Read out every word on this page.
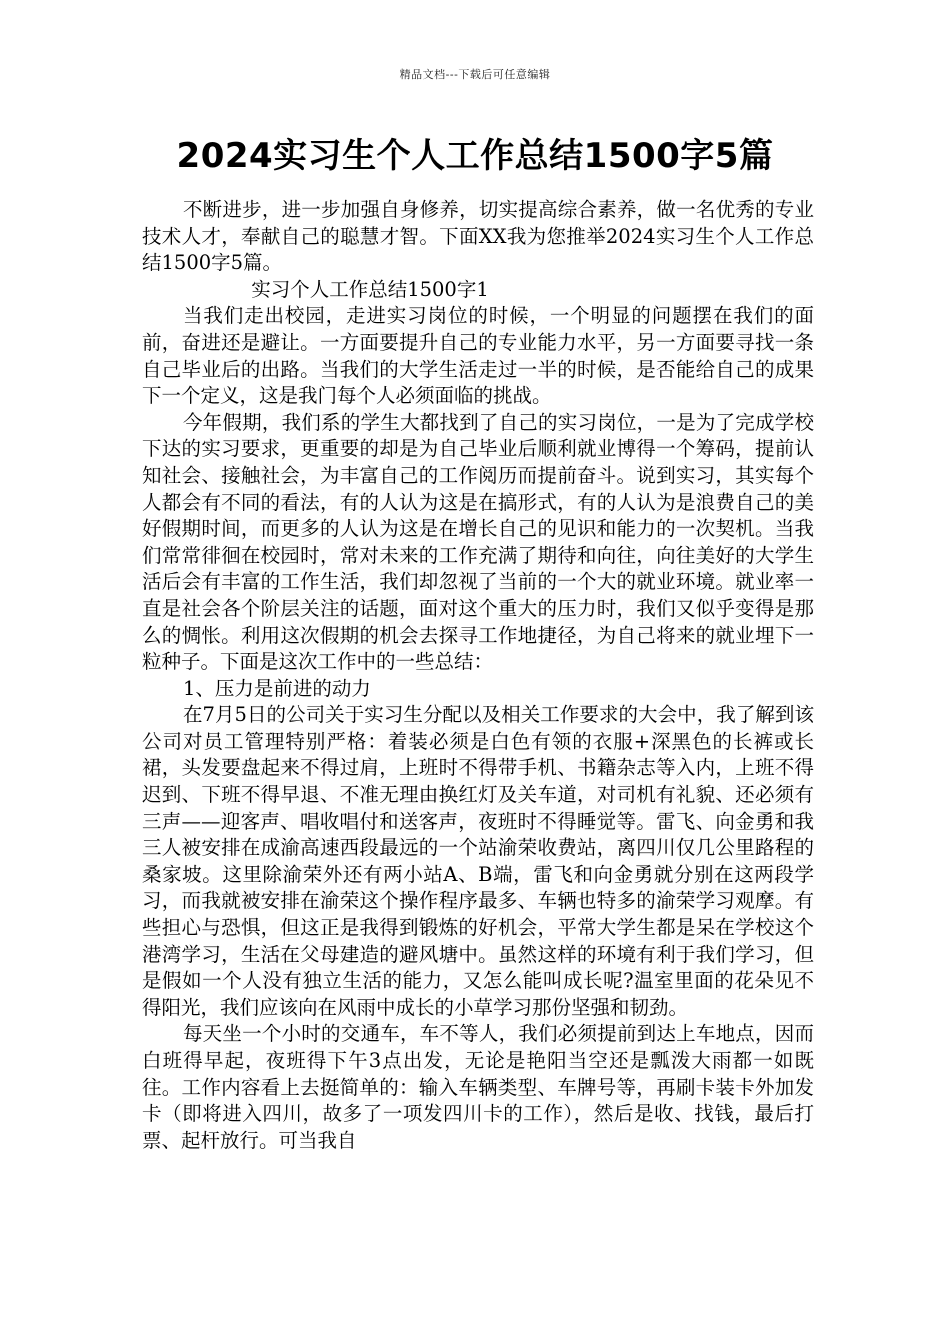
精品文档---下载后可任意编辑
2024实习生个人工作总结1500字5篇

不断进步，进一步加强自身修养，切实提高综合素养，做一名优秀的专业技术人才，奉献自己的聪慧才智。下面XX我为您推举2024实习生个人工作总结1500字5篇。

实习个人工作总结1500字1

当我们走出校园，走进实习岗位的时候，一个明显的问题摆在我们的面前，奋进还是避让。一方面要提升自己的专业能力水平，另一方面要寻找一条自己毕业后的出路。当我们的大学生活走过一半的时候，是否能给自己的成果下一个定义，这是我门每个人必须面临的挑战。

今年假期，我们系的学生大都找到了自己的实习岗位，一是为了完成学校下达的实习要求，更重要的却是为自己毕业后顺利就业博得一个筹码，提前认知社会、接触社会，为丰富自己的工作阅历而提前奋斗。说到实习，其实每个人都会有不同的看法，有的人认为这是在搞形式，有的人认为是浪费自己的美好假期时间，而更多的人认为这是在增长自己的见识和能力的一次契机。当我们常常徘徊在校园时，常对未来的工作充满了期待和向往，向往美好的大学生活后会有丰富的工作生活，我们却忽视了当前的一个大的就业环境。就业率一直是社会各个阶层关注的话题，面对这个重大的压力时，我们又似乎变得是那么的惆怅。利用这次假期的机会去探寻工作地捷径，为自己将来的就业埋下一粒种子。下面是这次工作中的一些总结：

1、压力是前进的动力

在7月5日的公司关于实习生分配以及相关工作要求的大会中，我了解到该公司对员工管理特别严格：着装必须是白色有领的衣服+深黑色的长裤或长裙，头发要盘起来不得过肩，上班时不得带手机、书籍杂志等入内，上班不得迟到、下班不得早退、不准无理由换红灯及关车道，对司机有礼貌、还必须有三声——迎客声、唱收唱付和送客声，夜班时不得睡觉等。雷飞、向金勇和我三人被安排在成渝高速西段最远的一个站渝荣收费站，离四川仅几公里路程的桑家坡。这里除渝荣外还有两小站A、B端，雷飞和向金勇就分别在这两段学习，而我就被安排在渝荣这个操作程序最多、车辆也特多的渝荣学习观摩。有些担心与恐惧，但这正是我得到锻炼的好机会，平常大学生都是呆在学校这个港湾学习，生活在父母建造的避风塘中。虽然这样的环境有利于我们学习，但是假如一个人没有独立生活的能力，又怎么能叫成长呢?温室里面的花朵见不得阳光，我们应该向在风雨中成长的小草学习那份坚强和韧劲。

每天坐一个小时的交通车，车不等人，我们必须提前到达上车地点，因而白班得早起，夜班得下午3点出发，无论是艳阳当空还是瓢泼大雨都一如既往。工作内容看上去挺简单的：输入车辆类型、车牌号等，再刷卡装卡外加发卡（即将进入四川，故多了一项发四川卡的工作），然后是收、找钱，最后打票、起杆放行。可当我自
